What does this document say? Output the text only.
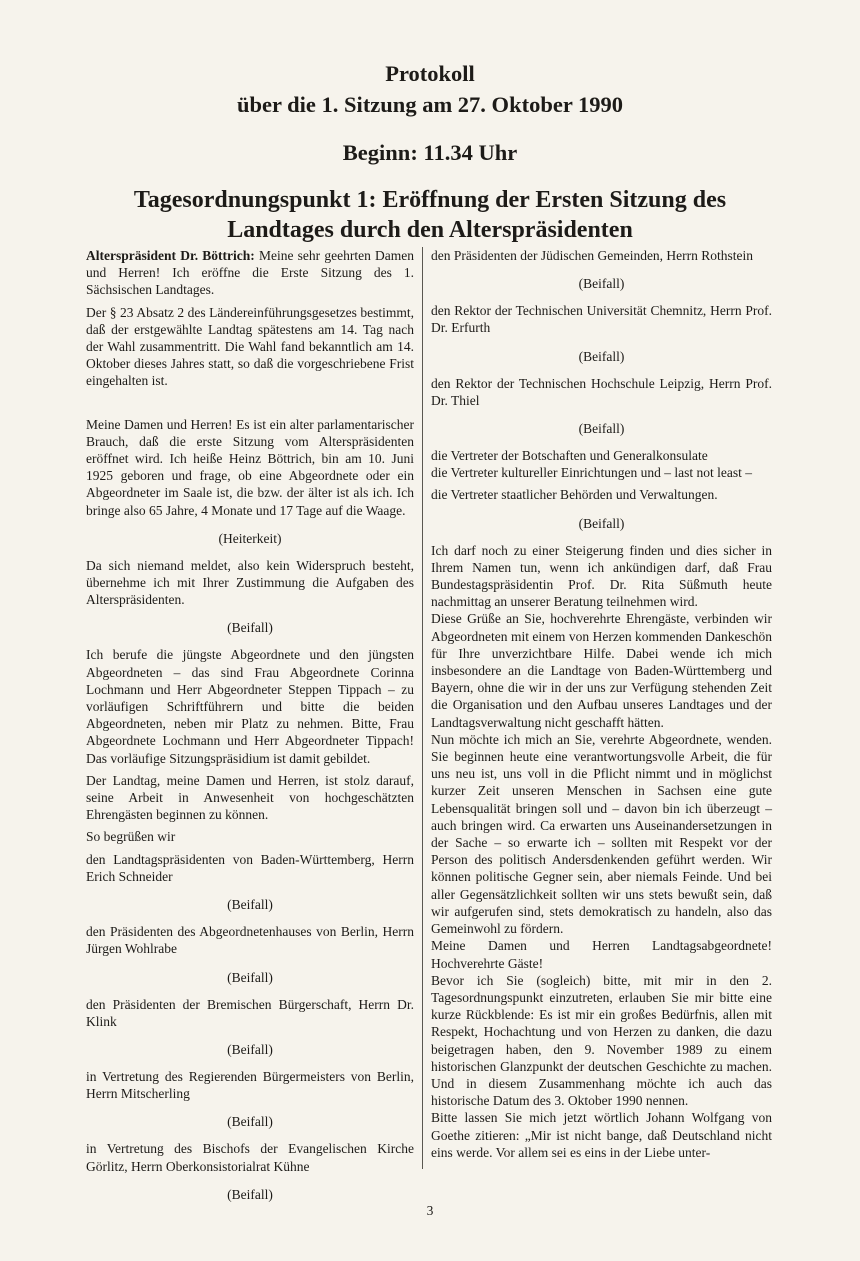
Protokoll
über die 1. Sitzung am 27. Oktober 1990
Beginn: 11.34 Uhr
Tagesordnungspunkt 1: Eröffnung der Ersten Sitzung des
Landtages durch den Alterspräsidenten

Alterspräsident Dr. Böttrich: Meine sehr geehrten Damen und Herren! Ich eröffne die Erste Sitzung des 1. Sächsischen Landtages.

Der § 23 Absatz 2 des Ländereinführungsgesetzes bestimmt, daß der erstgewählte Landtag spätestens am 14. Tag nach der Wahl zusammentritt. Die Wahl fand bekanntlich am 14. Oktober dieses Jahres statt, so daß die vorgeschriebene Frist eingehalten ist.

Meine Damen und Herren! Es ist ein alter parlamentarischer Brauch, daß die erste Sitzung vom Alterspräsidenten eröffnet wird. Ich heiße Heinz Böttrich, bin am 10. Juni 1925 geboren und frage, ob eine Abgeordnete oder ein Abgeordneter im Saale ist, die bzw. der älter ist als ich. Ich bringe also 65 Jahre, 4 Monate und 17 Tage auf die Waage.

(Heiterkeit)

Da sich niemand meldet, also kein Widerspruch besteht, übernehme ich mit Ihrer Zustimmung die Aufgaben des Alterspräsidenten.

(Beifall)

Ich berufe die jüngste Abgeordnete und den jüngsten Abgeordneten – das sind Frau Abgeordnete Corinna Lochmann und Herr Abgeordneter Steppen Tippach – zu vorläufigen Schriftführern und bitte die beiden Abgeordneten, neben mir Platz zu nehmen. Bitte, Frau Abgeordnete Lochmann und Herr Abgeordneter Tippach! Das vorläufige Sitzungspräsidium ist damit gebildet.

Der Landtag, meine Damen und Herren, ist stolz darauf, seine Arbeit in Anwesenheit von hochgeschätzten Ehrengästen beginnen zu können.

So begrüßen wir

den Landtagspräsidenten von Baden-Württemberg, Herrn Erich Schneider

(Beifall)

den Präsidenten des Abgeordnetenhauses von Berlin, Herrn Jürgen Wohlrabe

(Beifall)

den Präsidenten der Bremischen Bürgerschaft, Herrn Dr. Klink

(Beifall)

in Vertretung des Regierenden Bürgermeisters von Berlin, Herrn Mitscherling

(Beifall)

in Vertretung des Bischofs der Evangelischen Kirche Görlitz, Herrn Oberkonsistorialrat Kühne

(Beifall)

den Präsidenten der Jüdischen Gemeinden, Herrn Rothstein

(Beifall)

den Rektor der Technischen Universität Chemnitz, Herrn Prof. Dr. Erfurth

(Beifall)

den Rektor der Technischen Hochschule Leipzig, Herrn Prof. Dr. Thiel

(Beifall)

die Vertreter der Botschaften und Generalkonsulate

die Vertreter kultureller Einrichtungen und – last not least –

die Vertreter staatlicher Behörden und Verwaltungen.

(Beifall)

Ich darf noch zu einer Steigerung finden und dies sicher in Ihrem Namen tun, wenn ich ankündigen darf, daß Frau Bundestagspräsidentin Prof. Dr. Rita Süßmuth heute nachmittag an unserer Beratung teilnehmen wird.

Diese Grüße an Sie, hochverehrte Ehrengäste, verbinden wir Abgeordneten mit einem von Herzen kommenden Dankeschön für Ihre unverzichtbare Hilfe. Dabei wende ich mich insbesondere an die Landtage von Baden-Württemberg und Bayern, ohne die wir in der uns zur Verfügung stehenden Zeit die Organisation und den Aufbau unseres Landtages und der Landtagsverwaltung nicht geschafft hätten.

Nun möchte ich mich an Sie, verehrte Abgeordnete, wenden. Sie beginnen heute eine verantwortungsvolle Arbeit, die für uns neu ist, uns voll in die Pflicht nimmt und in möglichst kurzer Zeit unseren Menschen in Sachsen eine gute Lebensqualität bringen soll und – davon bin ich überzeugt – auch bringen wird. Ca erwarten uns Auseinandersetzungen in der Sache – so erwarte ich – sollten mit Respekt vor der Person des politisch Andersdenkenden geführt werden. Wir können politische Gegner sein, aber niemals Feinde. Und bei aller Gegensätzlichkeit sollten wir uns stets bewußt sein, daß wir aufgerufen sind, stets demokratisch zu handeln, also das Gemeinwohl zu fördern.

Meine Damen und Herren Landtagsabgeordnete! Hochverehrte Gäste!

Bevor ich Sie (sogleich) bitte, mit mir in den 2. Tagesordnungspunkt einzutreten, erlauben Sie mir bitte eine kurze Rückblende: Es ist mir ein großes Bedürfnis, allen mit Respekt, Hochachtung und von Herzen zu danken, die dazu beigetragen haben, den 9. November 1989 zu einem historischen Glanzpunkt der deutschen Geschichte zu machen. Und in diesem Zusammenhang möchte ich auch das historische Datum des 3. Oktober 1990 nennen.

Bitte lassen Sie mich jetzt wörtlich Johann Wolfgang von Goethe zitieren: „Mir ist nicht bange, daß Deutschland nicht eins werde. Vor allem sei es eins in der Liebe unter-

3
